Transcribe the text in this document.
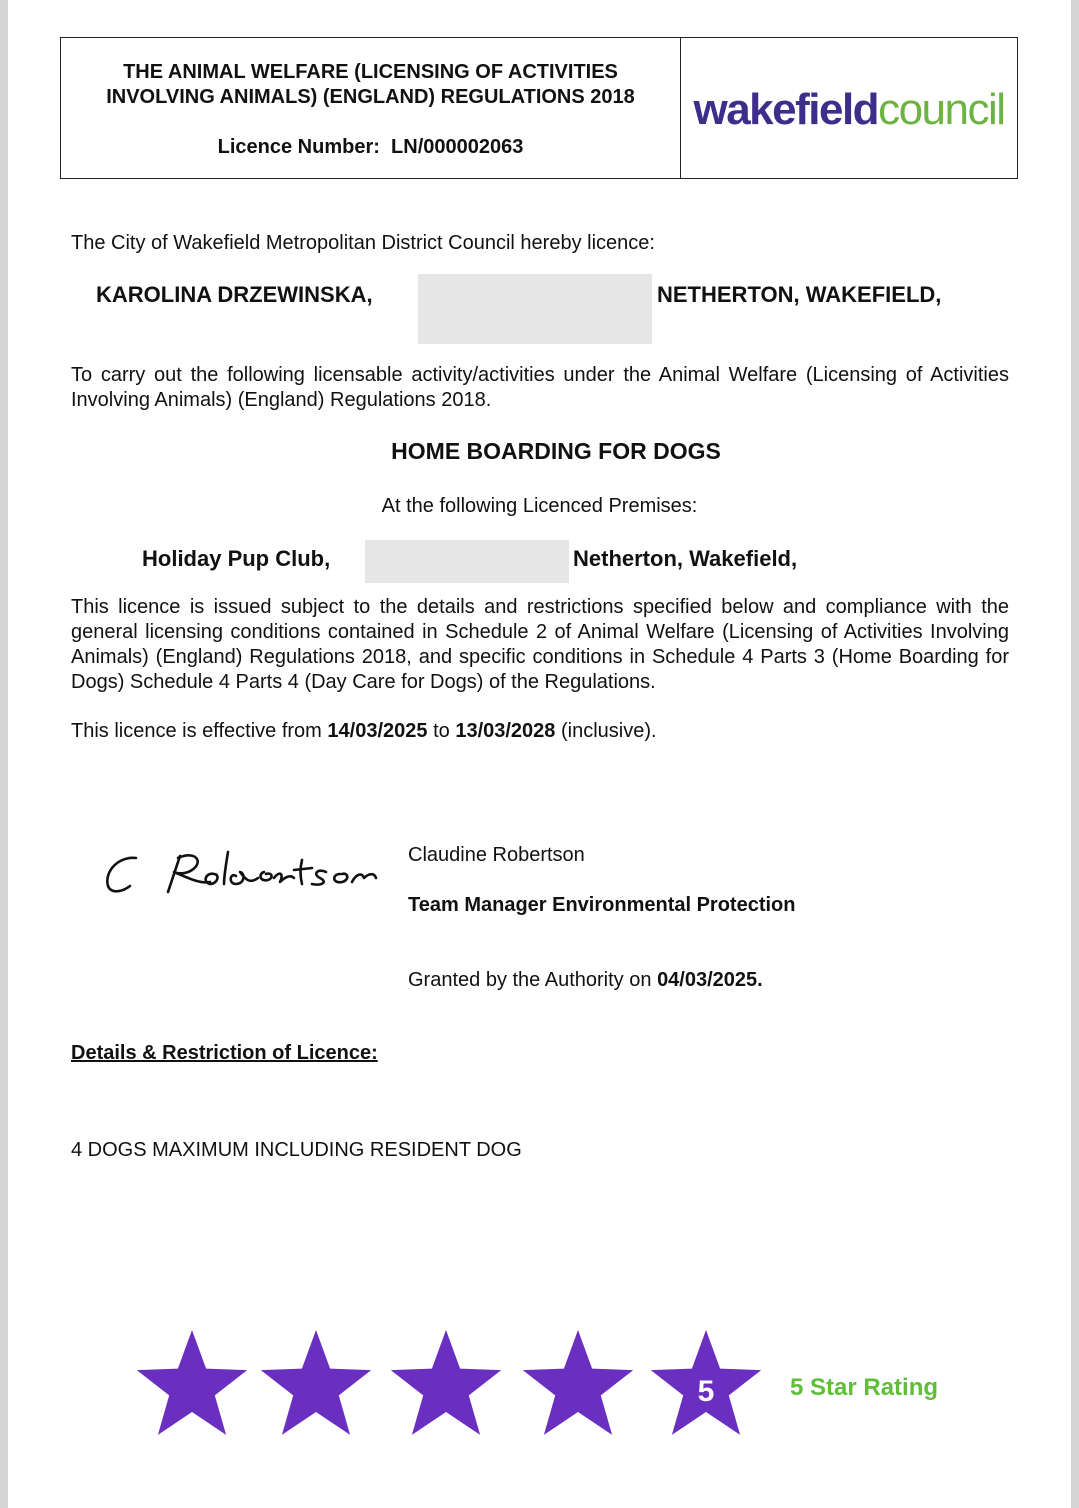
THE ANIMAL WELFARE (LICENSING OF ACTIVITIES INVOLVING ANIMALS) (ENGLAND) REGULATIONS 2018
Licence Number: LN/000002063
wakefieldcouncil
The City of Wakefield Metropolitan District Council hereby licence:
KAROLINA DRZEWINSKA,	NETHERTON, WAKEFIELD,
To carry out the following licensable activity/activities under the Animal Welfare (Licensing of Activities Involving Animals) (England) Regulations 2018.
HOME BOARDING FOR DOGS
At the following Licenced Premises:
Holiday Pup Club,	Netherton, Wakefield,
This licence is issued subject to the details and restrictions specified below and compliance with the general licensing conditions contained in Schedule 2 of Animal Welfare (Licensing of Activities Involving Animals) (England) Regulations 2018, and specific conditions in Schedule 4 Parts 3 (Home Boarding for Dogs) Schedule 4 Parts 4 (Day Care for Dogs) of the Regulations.
This licence is effective from 14/03/2025 to 13/03/2028 (inclusive).
Claudine Robertson
Team Manager Environmental Protection
Granted by the Authority on 04/03/2025.
Details & Restriction of Licence:
4 DOGS MAXIMUM INCLUDING RESIDENT DOG
5	5 Star Rating
